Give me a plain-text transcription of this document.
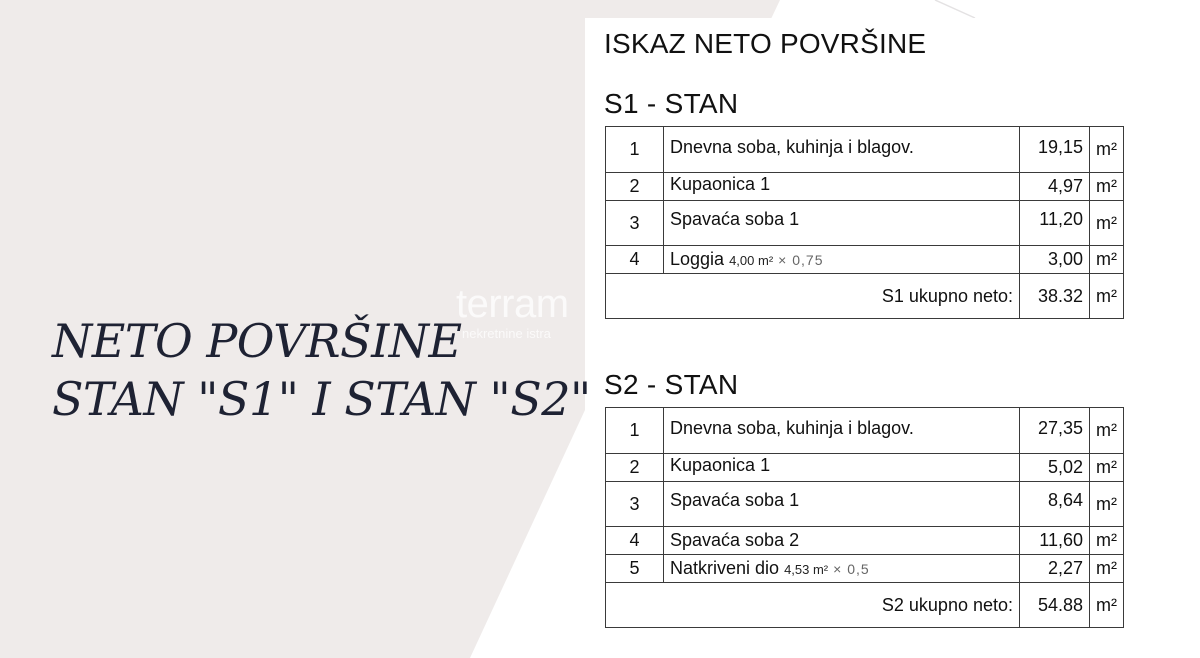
NETO POVRŠINE
STAN "S1" I STAN "S2"
ISKAZ NETO POVRŠINE
S1 - STAN
1	Dnevna soba, kuhinja i blagov.	19,15	m²
2	Kupaonica 1	4,97	m²
3	Spavaća soba 1	11,20	m²
4	Loggia 4,00 m² × 0,75	3,00	m²
S1 ukupno neto:		38.32	m²
S2 - STAN
1	Dnevna soba, kuhinja i blagov.	27,35	m²
2	Kupaonica 1	5,02	m²
3	Spavaća soba 1	8,64	m²
4	Spavaća soba 2	11,60	m²
5	Natkriveni dio 4,53 m² × 0,5	2,27	m²
S2 ukupno neto:		54.88	m²
terram
nekretnine istra
